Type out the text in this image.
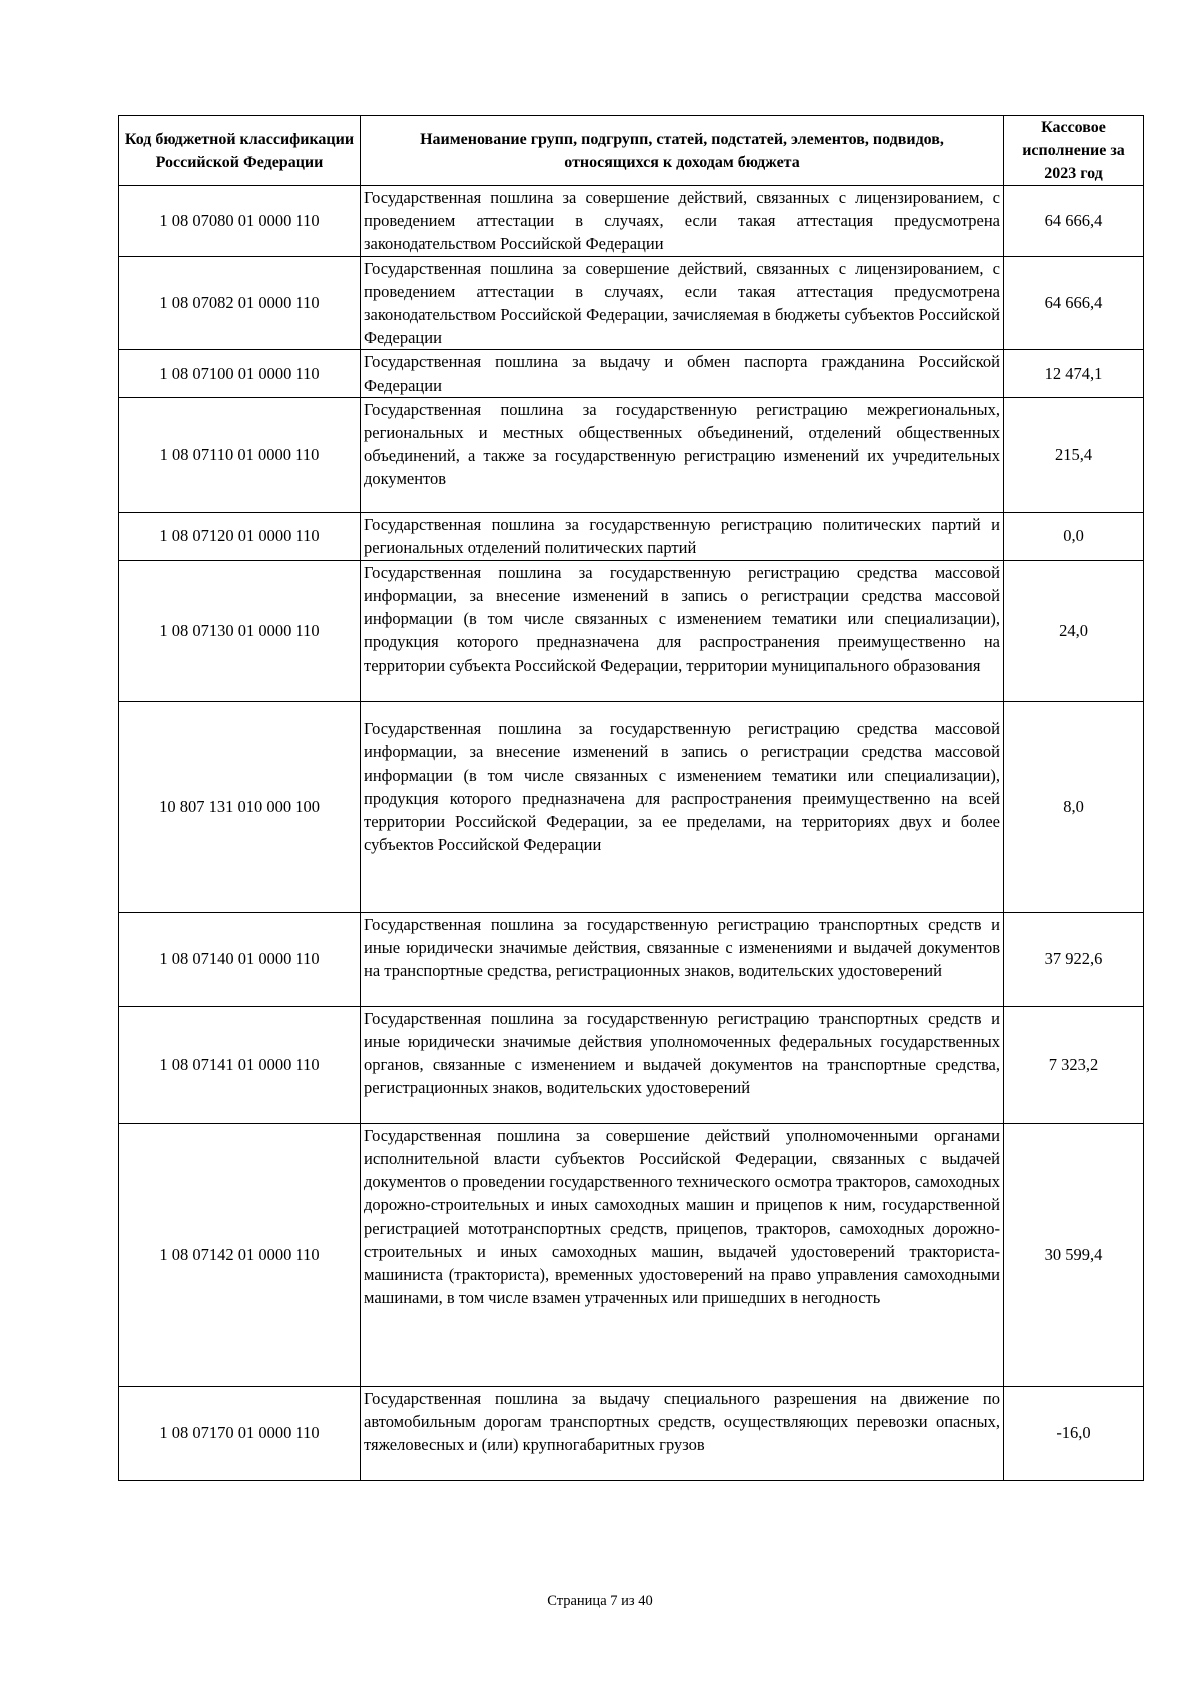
Код бюджетной классификации Российской Федерации	Наименование групп, подгрупп, статей, подстатей, элементов, подвидов, относящихся к доходам бюджета	Кассовое исполнение за 2023 год
1 08 07080 01 0000 110	Государственная пошлина за совершение действий, связанных с лицензированием, с проведением аттестации в случаях, если такая аттестация предусмотрена законодательством Российской Федерации	64 666,4
1 08 07082 01 0000 110	Государственная пошлина за совершение действий, связанных с лицензированием, с проведением аттестации в случаях, если такая аттестация предусмотрена законодательством Российской Федерации, зачисляемая в бюджеты субъектов Российской Федерации	64 666,4
1 08 07100 01 0000 110	Государственная пошлина за выдачу и обмен паспорта гражданина Российской Федерации	12 474,1
1 08 07110 01 0000 110	Государственная пошлина за государственную регистрацию межрегиональных, региональных и местных общественных объединений, отделений общественных объединений, а также за государственную регистрацию изменений их учредительных документов	215,4
1 08 07120 01 0000 110	Государственная пошлина за государственную регистрацию политических партий и региональных отделений политических партий	0,0
1 08 07130 01 0000 110	Государственная пошлина за государственную регистрацию средства массовой информации, за внесение изменений в запись о регистрации средства массовой информации (в том числе связанных с изменением тематики или специализации), продукция которого предназначена для распространения преимущественно на территории субъекта Российской Федерации, территории муниципального образования	24,0
10 807 131 010 000 100	Государственная пошлина за государственную регистрацию средства массовой информации, за внесение изменений в запись о регистрации средства массовой информации (в том числе связанных с изменением тематики или специализации), продукция которого предназначена для распространения преимущественно на всей территории Российской Федерации, за ее пределами, на территориях двух и более субъектов Российской Федерации	8,0
1 08 07140 01 0000 110	Государственная пошлина за государственную регистрацию транспортных средств и иные юридически значимые действия, связанные с изменениями и выдачей документов на транспортные средства, регистрационных знаков, водительских удостоверений	37 922,6
1 08 07141 01 0000 110	Государственная пошлина за государственную регистрацию транспортных средств и иные юридически значимые действия уполномоченных федеральных государственных органов, связанные с изменением и выдачей документов на транспортные средства, регистрационных знаков, водительских удостоверений	7 323,2
1 08 07142 01 0000 110	Государственная пошлина за совершение действий уполномоченными органами исполнительной власти субъектов Российской Федерации, связанных с выдачей документов о проведении государственного технического осмотра тракторов, самоходных дорожно-строительных и иных самоходных машин и прицепов к ним, государственной регистрацией мототранспортных средств, прицепов, тракторов, самоходных дорожно-строительных и иных самоходных машин, выдачей удостоверений тракториста-машиниста (тракториста), временных удостоверений на право управления самоходными машинами, в том числе взамен утраченных или пришедших в негодность	30 599,4
1 08 07170 01 0000 110	Государственная пошлина за выдачу специального разрешения на движение по автомобильным дорогам транспортных средств, осуществляющих перевозки опасных, тяжеловесных и (или) крупногабаритных грузов	-16,0
Страница 7 из 40
